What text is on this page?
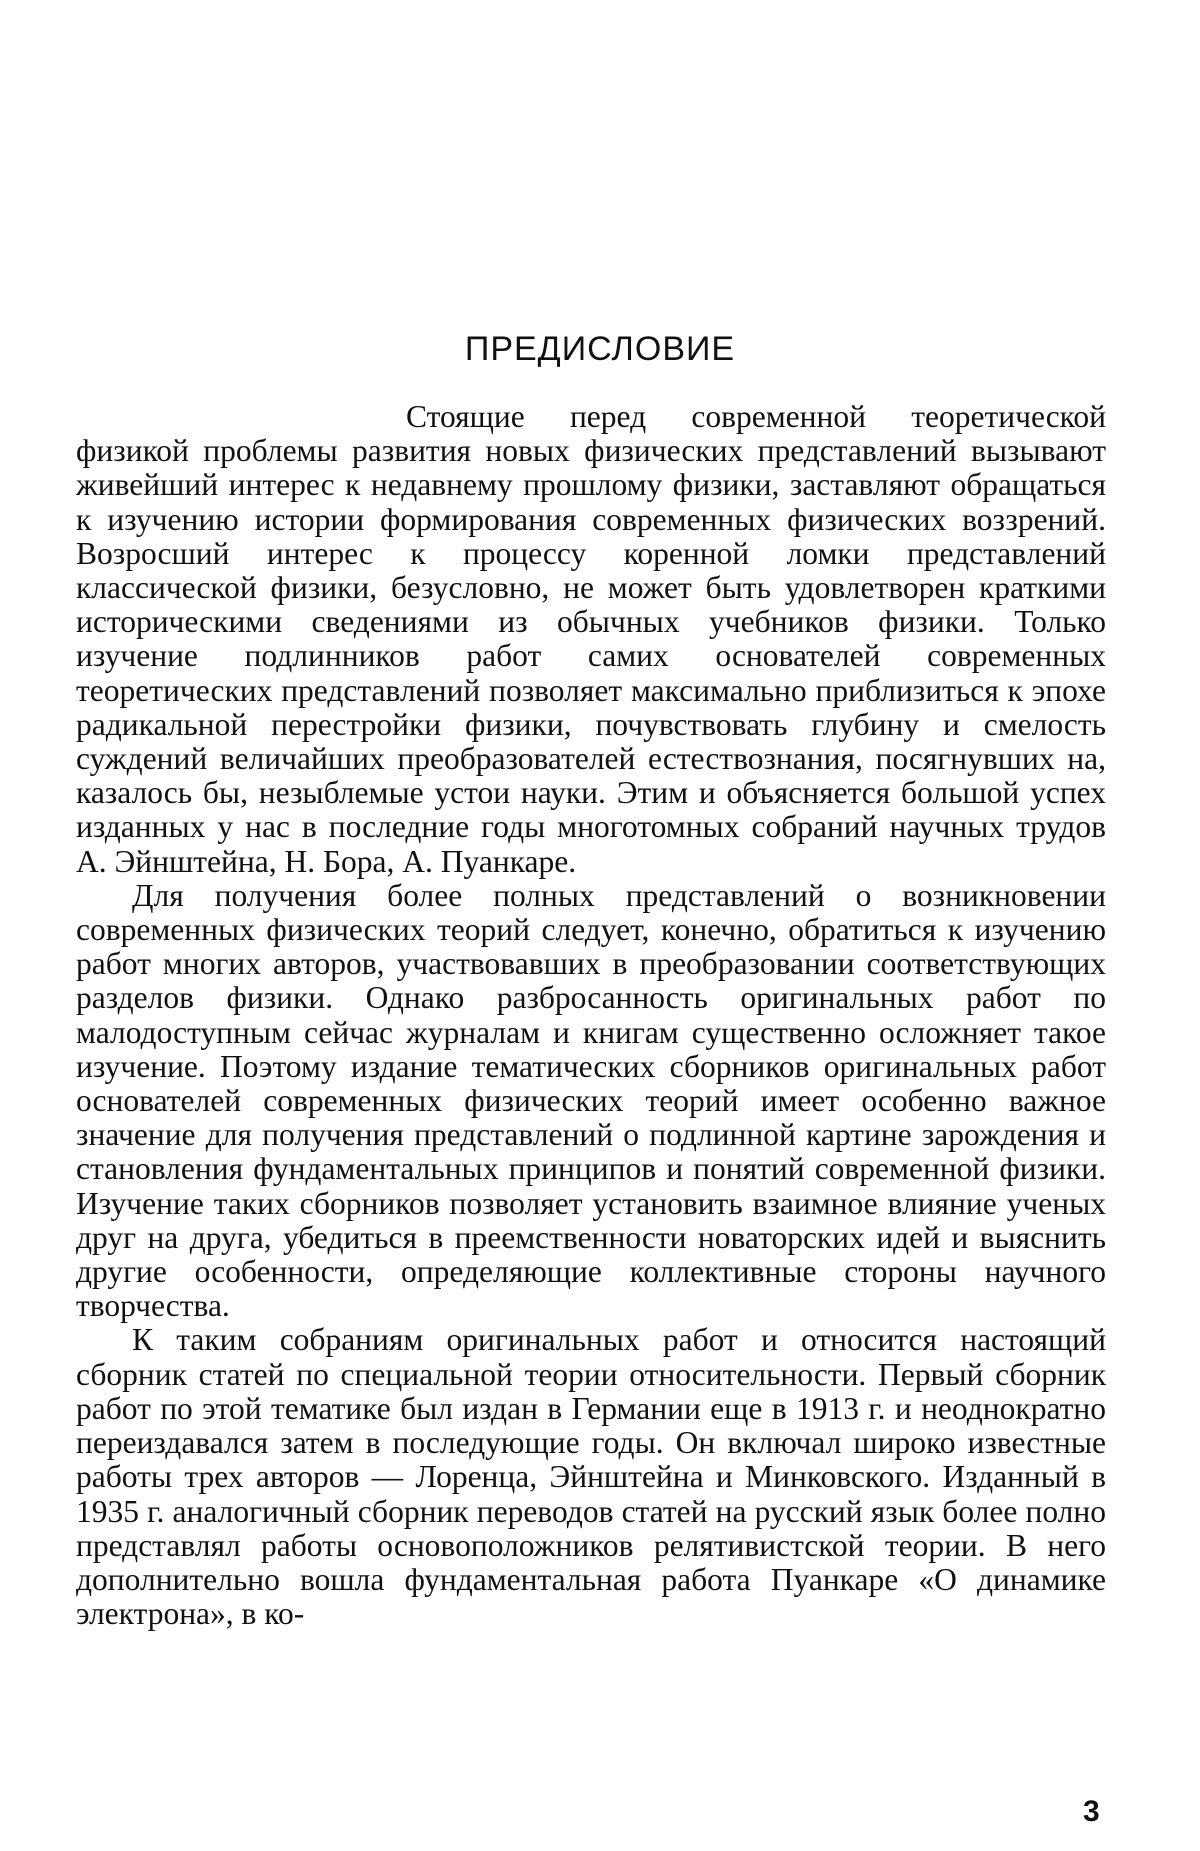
ПРЕДИСЛОВИЕ

Стоящие перед современной теоретической физикой проблемы развития новых физических представлений вызывают живейший интерес к недавнему прошлому физики, заставляют обращаться к изучению истории формирования современных физических воззрений. Возросший интерес к процессу коренной ломки представлений классической физики, безусловно, не может быть удовлетворен краткими историческими сведениями из обычных учебников физики. Только изучение подлинников работ самих основателей современных теоретических представлений позволяет максимально приблизиться к эпохе радикальной перестройки физики, почувствовать глубину и смелость суждений величайших преобразователей естествознания, посягнувших на, казалось бы, незыблемые устои науки. Этим и объясняется большой успех изданных у нас в последние годы многотомных собраний научных трудов А. Эйнштейна, Н. Бора, А. Пуанкаре.

Для получения более полных представлений о возникновении современных физических теорий следует, конечно, обратиться к изучению работ многих авторов, участвовавших в преобразовании соответствующих разделов физики. Однако разбросанность оригинальных работ по малодоступным сейчас журналам и книгам существенно осложняет такое изучение. Поэтому издание тематических сборников оригинальных работ основателей современных физических теорий имеет особенно важное значение для получения представлений о подлинной картине зарождения и становления фундаментальных принципов и понятий современной физики. Изучение таких сборников позволяет установить взаимное влияние ученых друг на друга, убедиться в преемственности новаторских идей и выяснить другие особенности, определяющие коллективные стороны научного творчества.

К таким собраниям оригинальных работ и относится настоящий сборник статей по специальной теории относительности. Первый сборник работ по этой тематике был издан в Германии еще в 1913 г. и неоднократно переиздавался затем в последующие годы. Он включал широко известные работы трех авторов — Лоренца, Эйнштейна и Минковского. Изданный в 1935 г. аналогичный сборник переводов статей на русский язык более полно представлял работы основоположников релятивистской теории. В него дополнительно вошла фундаментальная работа Пуанкаре «О динамике электрона», в ко-

3
